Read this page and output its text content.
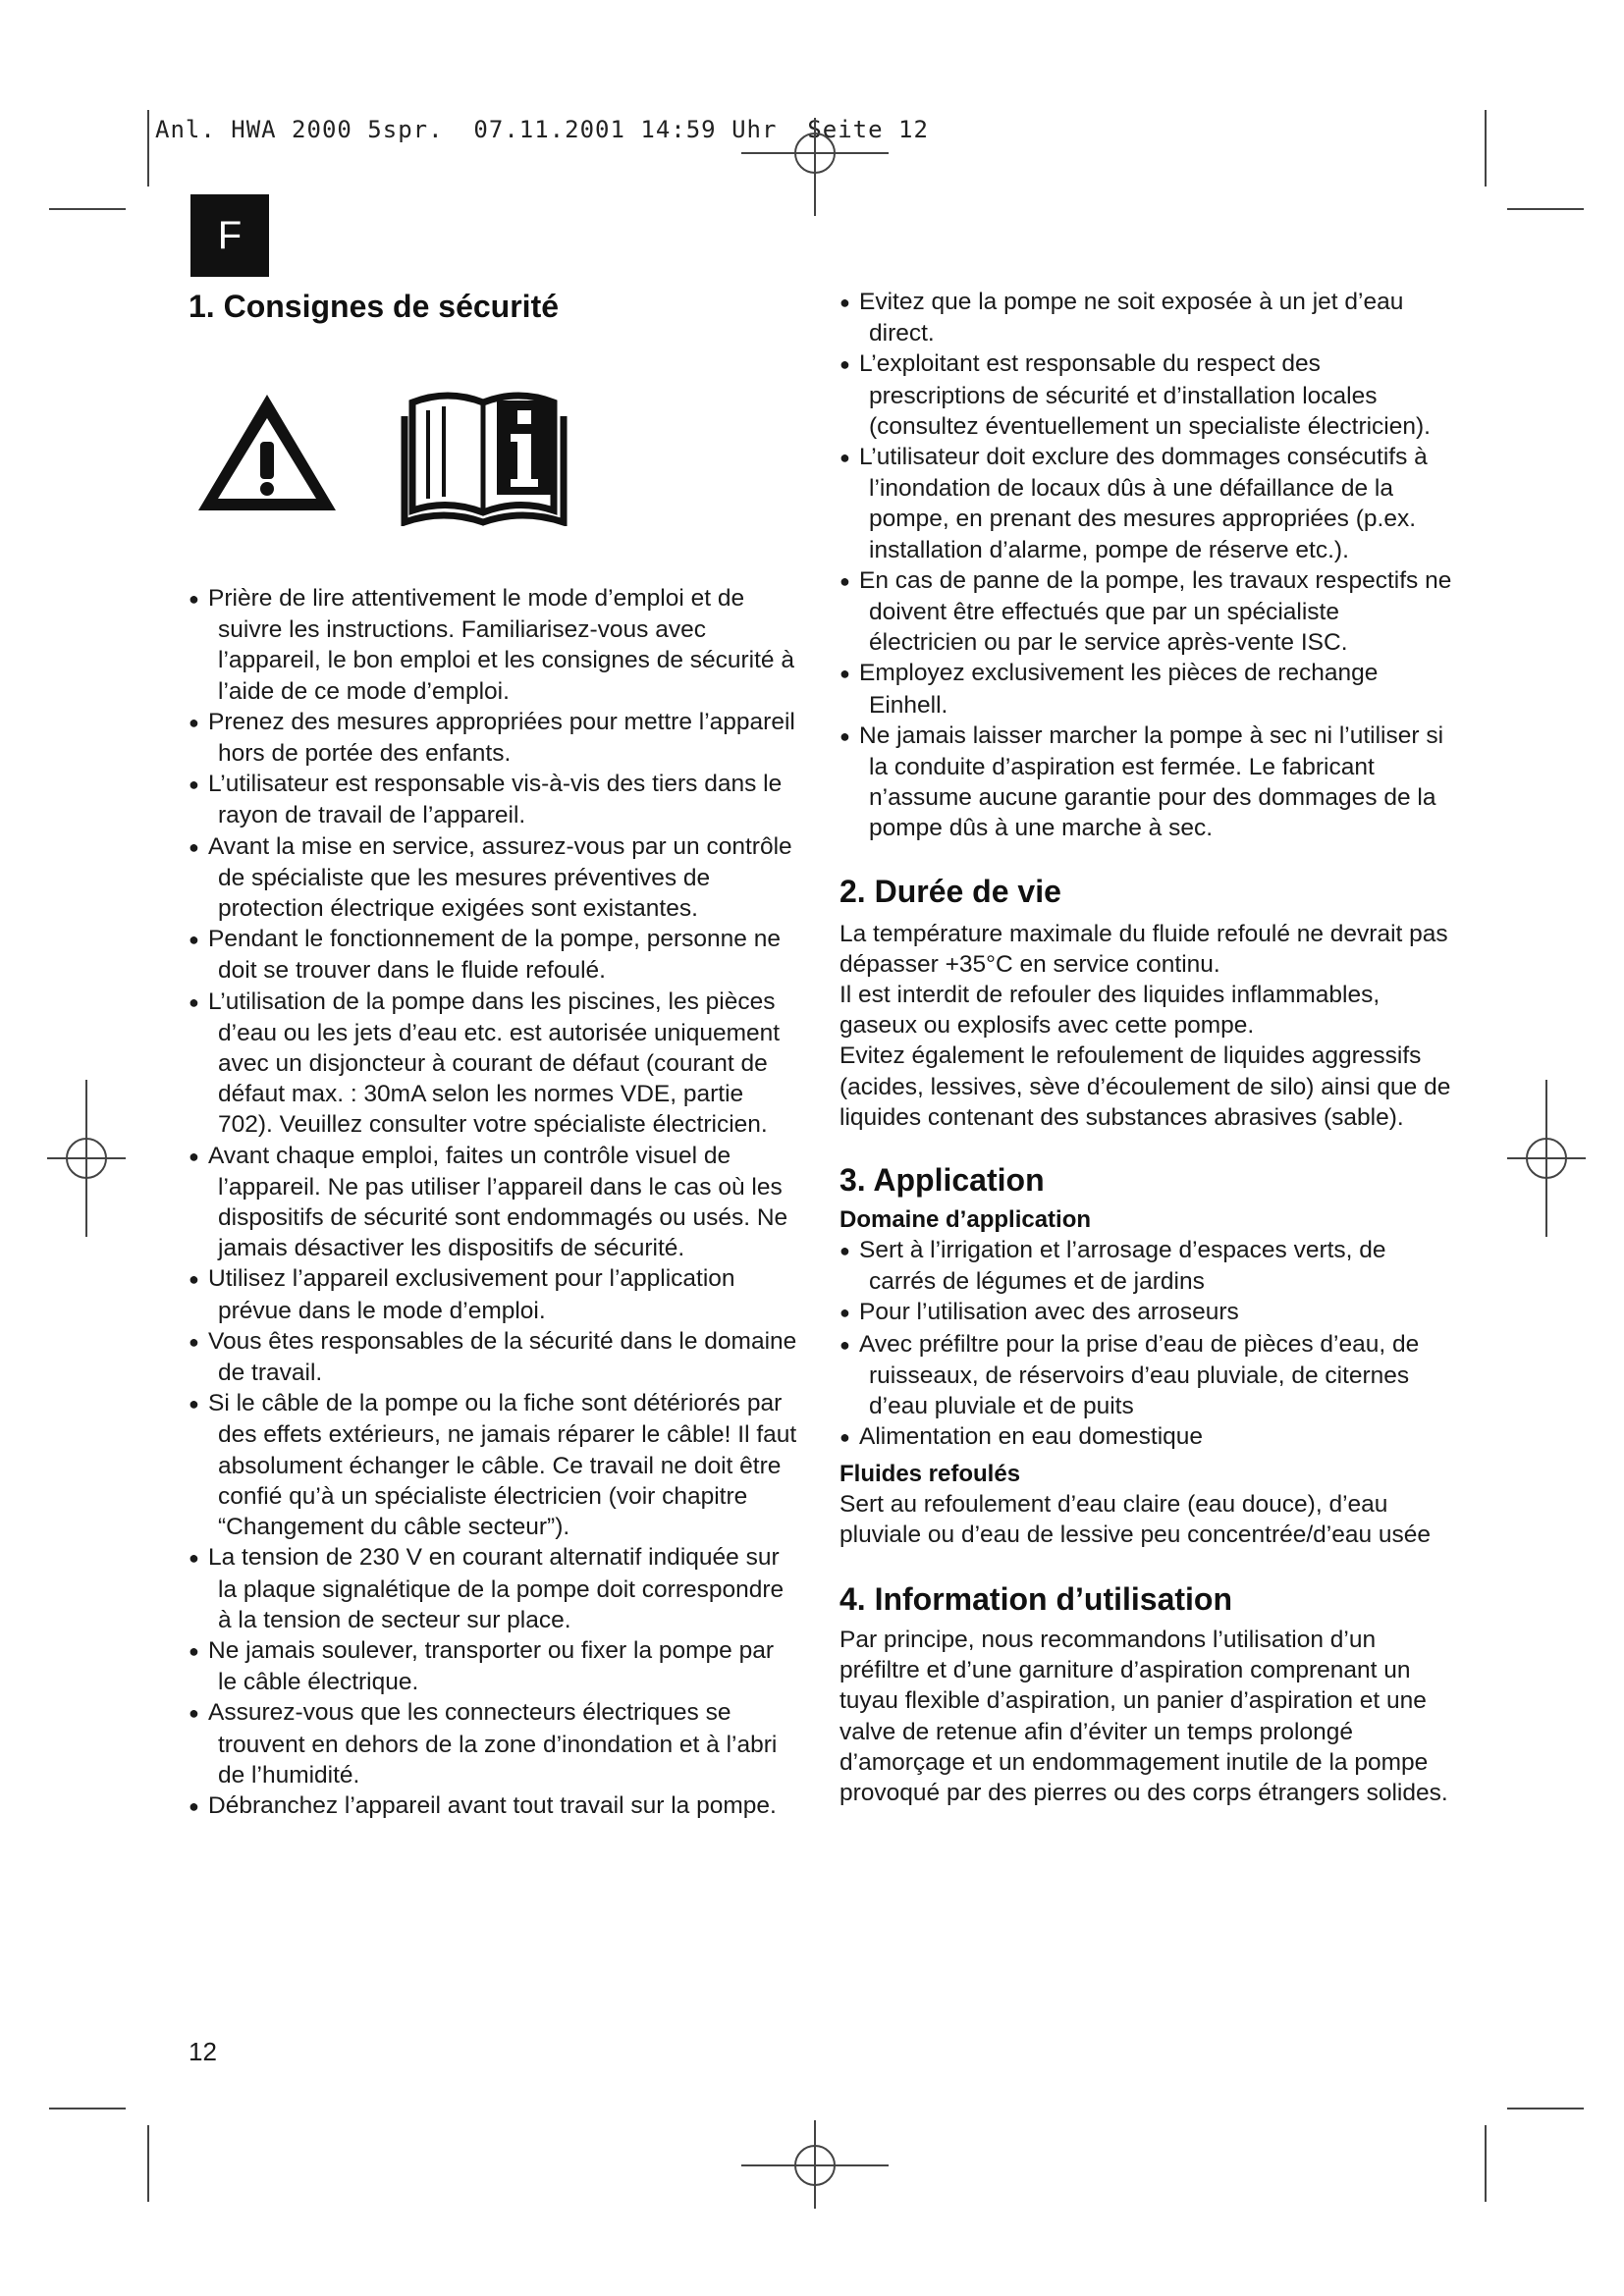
Anl. HWA 2000 5spr.  07.11.2001 14:59 Uhr  Seite 12
F
1. Consignes de sécurité
● Prière de lire attentivement le mode d’emploi et de suivre les instructions. Familiarisez-vous avec l’appareil, le bon emploi et les consignes de sécurité à l’aide de ce mode d’emploi.
● Prenez des mesures appropriées pour mettre l’appareil hors de portée des enfants.
● L’utilisateur est responsable vis-à-vis des tiers dans le rayon de travail de l’appareil.
● Avant la mise en service, assurez-vous par un contrôle de spécialiste que les mesures préventives de protection électrique exigées sont existantes.
● Pendant le fonctionnement de la pompe, personne ne doit se trouver dans le fluide refoulé.
● L’utilisation de la pompe dans les piscines, les pièces d’eau ou les jets d’eau etc. est autorisée uniquement avec un disjoncteur à courant de défaut (courant de défaut max. : 30mA selon les normes VDE, partie 702). Veuillez consulter votre spécialiste électricien.
● Avant chaque emploi, faites un contrôle visuel de l’appareil. Ne pas utiliser l’appareil dans le cas où les dispositifs de sécurité sont endommagés ou usés. Ne jamais désactiver les dispositifs de sécurité.
● Utilisez l’appareil exclusivement pour l’application prévue dans le mode d’emploi.
● Vous êtes responsables de la sécurité dans le domaine de travail.
● Si le câble de la pompe ou la fiche sont détériorés par des effets extérieurs, ne jamais réparer le câble! Il faut absolument échanger le câble. Ce travail ne doit être confié qu’à un spécialiste électricien (voir chapitre “Changement du câble secteur”).
● La tension de 230 V en courant alternatif indiquée sur la plaque signalétique de la pompe doit correspondre à la tension de secteur sur place.
● Ne jamais soulever, transporter ou fixer la pompe par le câble électrique.
● Assurez-vous que les connecteurs électriques se trouvent en dehors de la zone d’inondation et à l’abri de l’humidité.
● Débranchez l’appareil avant tout travail sur la pompe.
● Evitez que la pompe ne soit exposée à un jet d’eau direct.
● L’exploitant est responsable du respect des prescriptions de sécurité et d’installation locales (consultez éventuellement un specialiste électricien).
● L’utilisateur doit exclure des dommages consécutifs à l’inondation de locaux dûs à une défaillance de la pompe, en prenant des mesures appropriées (p.ex. installation d’alarme, pompe de réserve etc.).
● En cas de panne de la pompe, les travaux respectifs ne doivent être effectués que par un spécialiste électricien ou par le service après-vente ISC.
● Employez exclusivement les pièces de rechange Einhell.
● Ne jamais laisser marcher la pompe à sec ni l’utiliser si la conduite d’aspiration est fermée. Le fabricant n’assume aucune garantie pour des dommages de la pompe dûs à une marche à sec.
2. Durée de vie

La température maximale du fluide refoulé ne devrait pas dépasser +35°C en service continu.

Il est interdit de refouler des liquides inflammables, gaseux ou explosifs avec cette pompe.

Evitez également le refoulement de liquides aggressifs (acides, lessives, sève d’écoulement de silo) ainsi que de liquides contenant des substances abrasives (sable).

3. Application
Domaine d’application
● Sert à l’irrigation et l’arrosage d’espaces verts, de carrés de légumes et de jardins
● Pour l’utilisation avec des arroseurs
● Avec préfiltre pour la prise d’eau de pièces d’eau, de ruisseaux, de réservoirs d’eau pluviale, de citernes d’eau pluviale et de puits
● Alimentation en eau domestique
Fluides refoulés

Sert au refoulement d’eau claire (eau douce), d’eau pluviale ou d’eau de lessive peu concentrée/d’eau usée

4. Information d’utilisation

Par principe, nous recommandons l’utilisation d’un préfiltre et d’une garniture d’aspiration comprenant un tuyau flexible d’aspiration, un panier d’aspiration et une valve de retenue afin d’éviter un temps prolongé d’amorçage et un endommagement inutile de la pompe provoqué par des pierres ou des corps étrangers solides.

12
